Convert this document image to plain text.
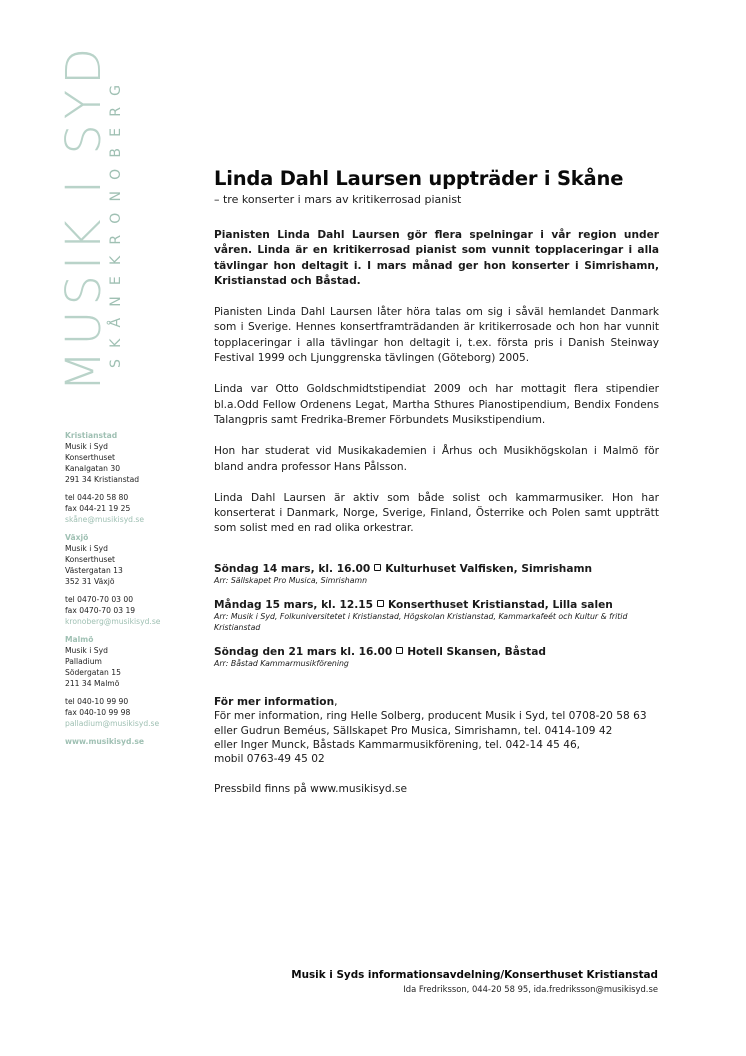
MUSIK I SYD
SKÅNEKRONOBERG
Kristianstad
Musik i Syd
Konserthuset
Kanalgatan 30
291 34 Kristianstad
tel 044-20 58 80
fax 044-21 19 25
skåne@musikisyd.se
Växjö
Musik i Syd
Konserthuset
Västergatan 13
352 31 Växjö
tel 0470-70 03 00
fax 0470-70 03 19
kronoberg@musikisyd.se
Malmö
Musik i Syd
Palladium
Södergatan 15
211 34 Malmö
tel 040-10 99 90
fax 040-10 99 98
palladium@musikisyd.se
www.musikisyd.se
Linda Dahl Laursen uppträder i Skåne

– tre konserter i mars av kritikerrosad pianist

Pianisten Linda Dahl Laursen gör flera spelningar i vår region under våren. Linda är en kritikerrosad pianist som vunnit topplaceringar i alla tävlingar hon deltagit i. I mars månad ger hon konserter i Simrishamn, Kristianstad och Båstad.

Pianisten Linda Dahl Laursen låter höra talas om sig i såväl hemlandet Danmark som i Sverige. Hennes konsertframträdanden är kritikerrosade och hon har vunnit topplaceringar i alla tävlingar hon deltagit i, t.ex. första pris i Danish Steinway Festival 1999 och Ljunggrenska tävlingen (Göteborg) 2005.

Linda var Otto Goldschmidtstipendiat 2009 och har mottagit flera stipendier bl.a.Odd Fellow Ordenens Legat, Martha Sthures Pianostipendium, Bendix Fondens Talangpris samt Fredrika-Bremer Förbundets Musikstipendium.

Hon har studerat vid Musikakademien i Århus och Musikhögskolan i Malmö för bland andra professor Hans Pålsson.

Linda Dahl Laursen är aktiv som både solist och kammarmusiker. Hon har konserterat i Danmark, Norge, Sverige, Finland, Österrike och Polen samt uppträtt som solist med en rad olika orkestrar.

Söndag 14 mars, kl. 16.00 Kulturhuset Valfisken, Simrishamn
Arr: Sällskapet Pro Musica, Simrishamn
Måndag 15 mars, kl. 12.15 Konserthuset Kristianstad, Lilla salen
Arr: Musik i Syd, Folkuniversitetet i Kristianstad, Högskolan Kristianstad, Kammarkafeét och Kultur & fritid Kristianstad
Söndag den 21 mars kl. 16.00 Hotell Skansen, Båstad
Arr: Båstad Kammarmusikförening
För mer information,
För mer information, ring Helle Solberg, producent Musik i Syd, tel 0708-20 58 63
eller Gudrun Beméus, Sällskapet Pro Musica, Simrishamn, tel. 0414-109 42
eller Inger Munck, Båstads Kammarmusikförening, tel. 042-14 45 46,
mobil 0763-49 45 02
Pressbild finns på www.musikisyd.se
Musik i Syds informationsavdelning/Konserthuset Kristianstad
Ida Fredriksson, 044-20 58 95, ida.fredriksson@musikisyd.se
